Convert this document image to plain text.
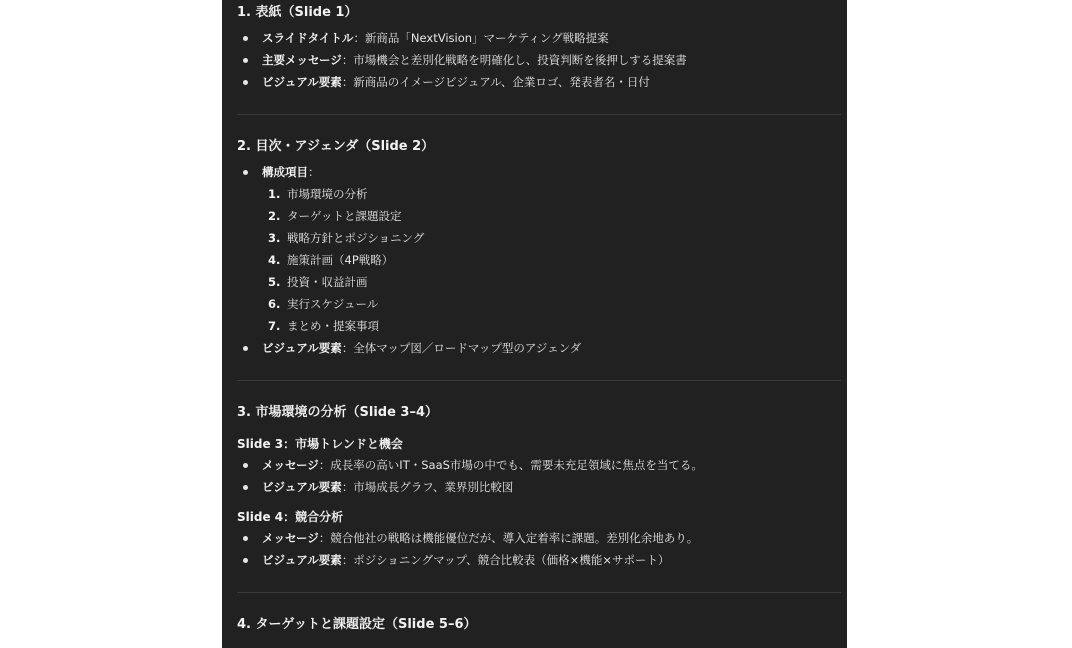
1. 表紙（Slide 1）
スライドタイトル：新商品「NextVision」マーケティング戦略提案
主要メッセージ：市場機会と差別化戦略を明確化し、投資判断を後押しする提案書
ビジュアル要素：新商品のイメージビジュアル、企業ロゴ、発表者名・日付
2. 目次・アジェンダ（Slide 2）
構成項目：
1. 市場環境の分析
2. ターゲットと課題設定
3. 戦略方針とポジショニング
4. 施策計画（4P戦略）
5. 投資・収益計画
6. 実行スケジュール
7. まとめ・提案事項
ビジュアル要素：全体マップ図／ロードマップ型のアジェンダ
3. 市場環境の分析（Slide 3–4）

Slide 3：市場トレンドと機会

メッセージ：成長率の高いIT・SaaS市場の中でも、需要未充足領域に焦点を当てる。
ビジュアル要素：市場成長グラフ、業界別比較図

Slide 4：競合分析

メッセージ：競合他社の戦略は機能優位だが、導入定着率に課題。差別化余地あり。
ビジュアル要素：ポジショニングマップ、競合比較表（価格×機能×サポート）
4. ターゲットと課題設定（Slide 5–6）
